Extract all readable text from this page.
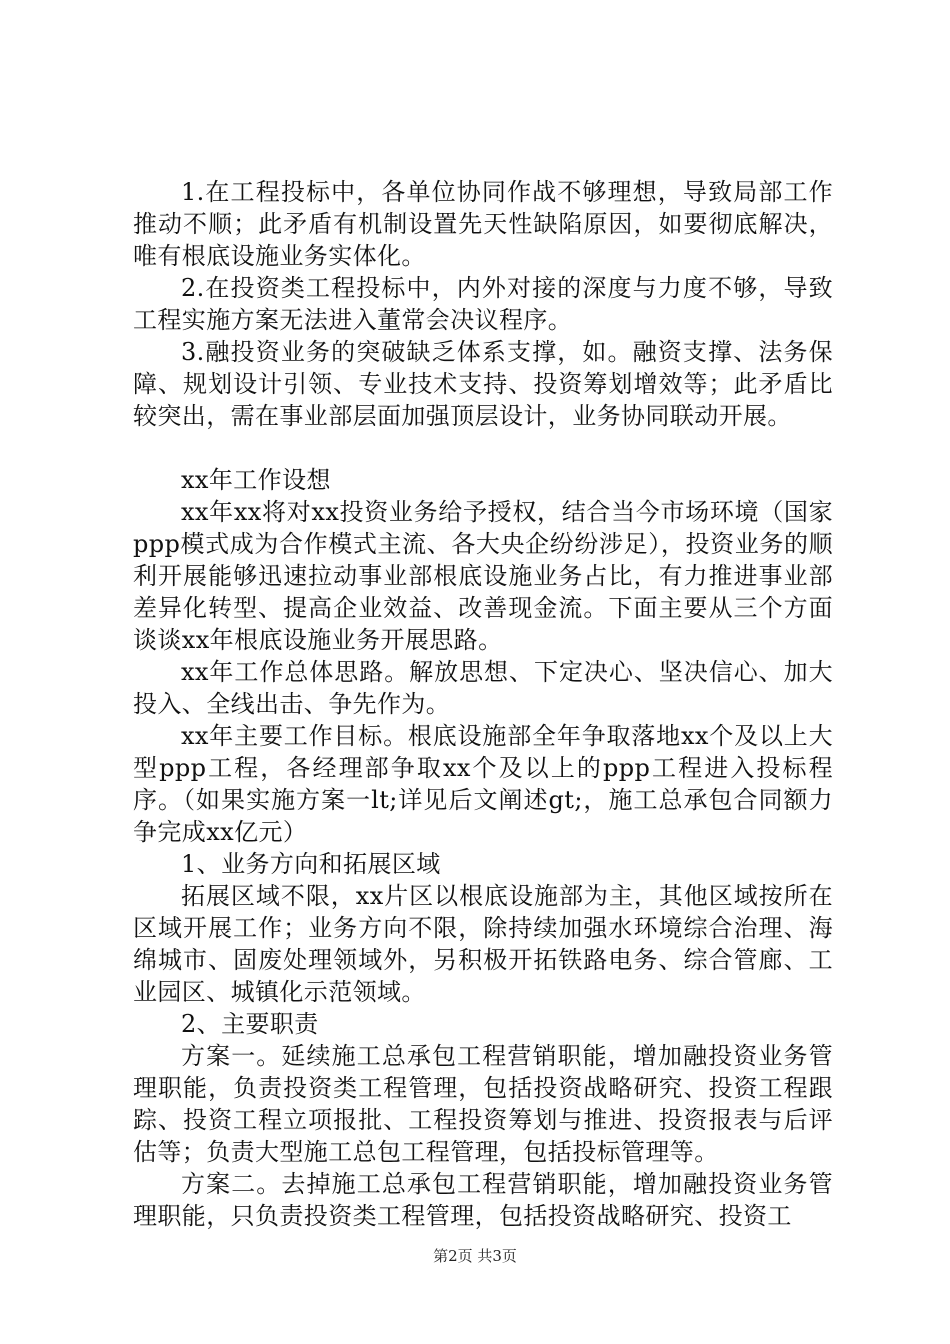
1.在工程投标中，各单位协同作战不够理想，导致局部工作推动不顺；此矛盾有机制设置先天性缺陷原因，如要彻底解决，唯有根底设施业务实体化。

2.在投资类工程投标中，内外对接的深度与力度不够，导致工程实施方案无法进入董常会决议程序。

3.融投资业务的突破缺乏体系支撑，如。融资支撑、法务保障、规划设计引领、专业技术支持、投资筹划增效等；此矛盾比较突出，需在事业部层面加强顶层设计，业务协同联动开展。

xx年工作设想

xx年xx将对xx投资业务给予授权，结合当今市场环境（国家ppp模式成为合作模式主流、各大央企纷纷涉足），投资业务的顺利开展能够迅速拉动事业部根底设施业务占比，有力推进事业部差异化转型、提高企业效益、改善现金流。下面主要从三个方面谈谈xx年根底设施业务开展思路。

xx年工作总体思路。解放思想、下定决心、坚决信心、加大投入、全线出击、争先作为。

xx年主要工作目标。根底设施部全年争取落地xx个及以上大型ppp工程，各经理部争取xx个及以上的ppp工程进入投标程序。（如果实施方案一lt;详见后文阐述gt;，施工总承包合同额力争完成xx亿元）

1、业务方向和拓展区域

拓展区域不限，xx片区以根底设施部为主，其他区域按所在区域开展工作；业务方向不限，除持续加强水环境综合治理、海绵城市、固废处理领域外，另积极开拓铁路电务、综合管廊、工业园区、城镇化示范领域。

2、主要职责

方案一。延续施工总承包工程营销职能，增加融投资业务管理职能，负责投资类工程管理，包括投资战略研究、投资工程跟踪、投资工程立项报批、工程投资筹划与推进、投资报表与后评估等；负责大型施工总包工程管理，包括投标管理等。

方案二。去掉施工总承包工程营销职能，增加融投资业务管理职能，只负责投资类工程管理，包括投资战略研究、投资工

第2页 共3页
